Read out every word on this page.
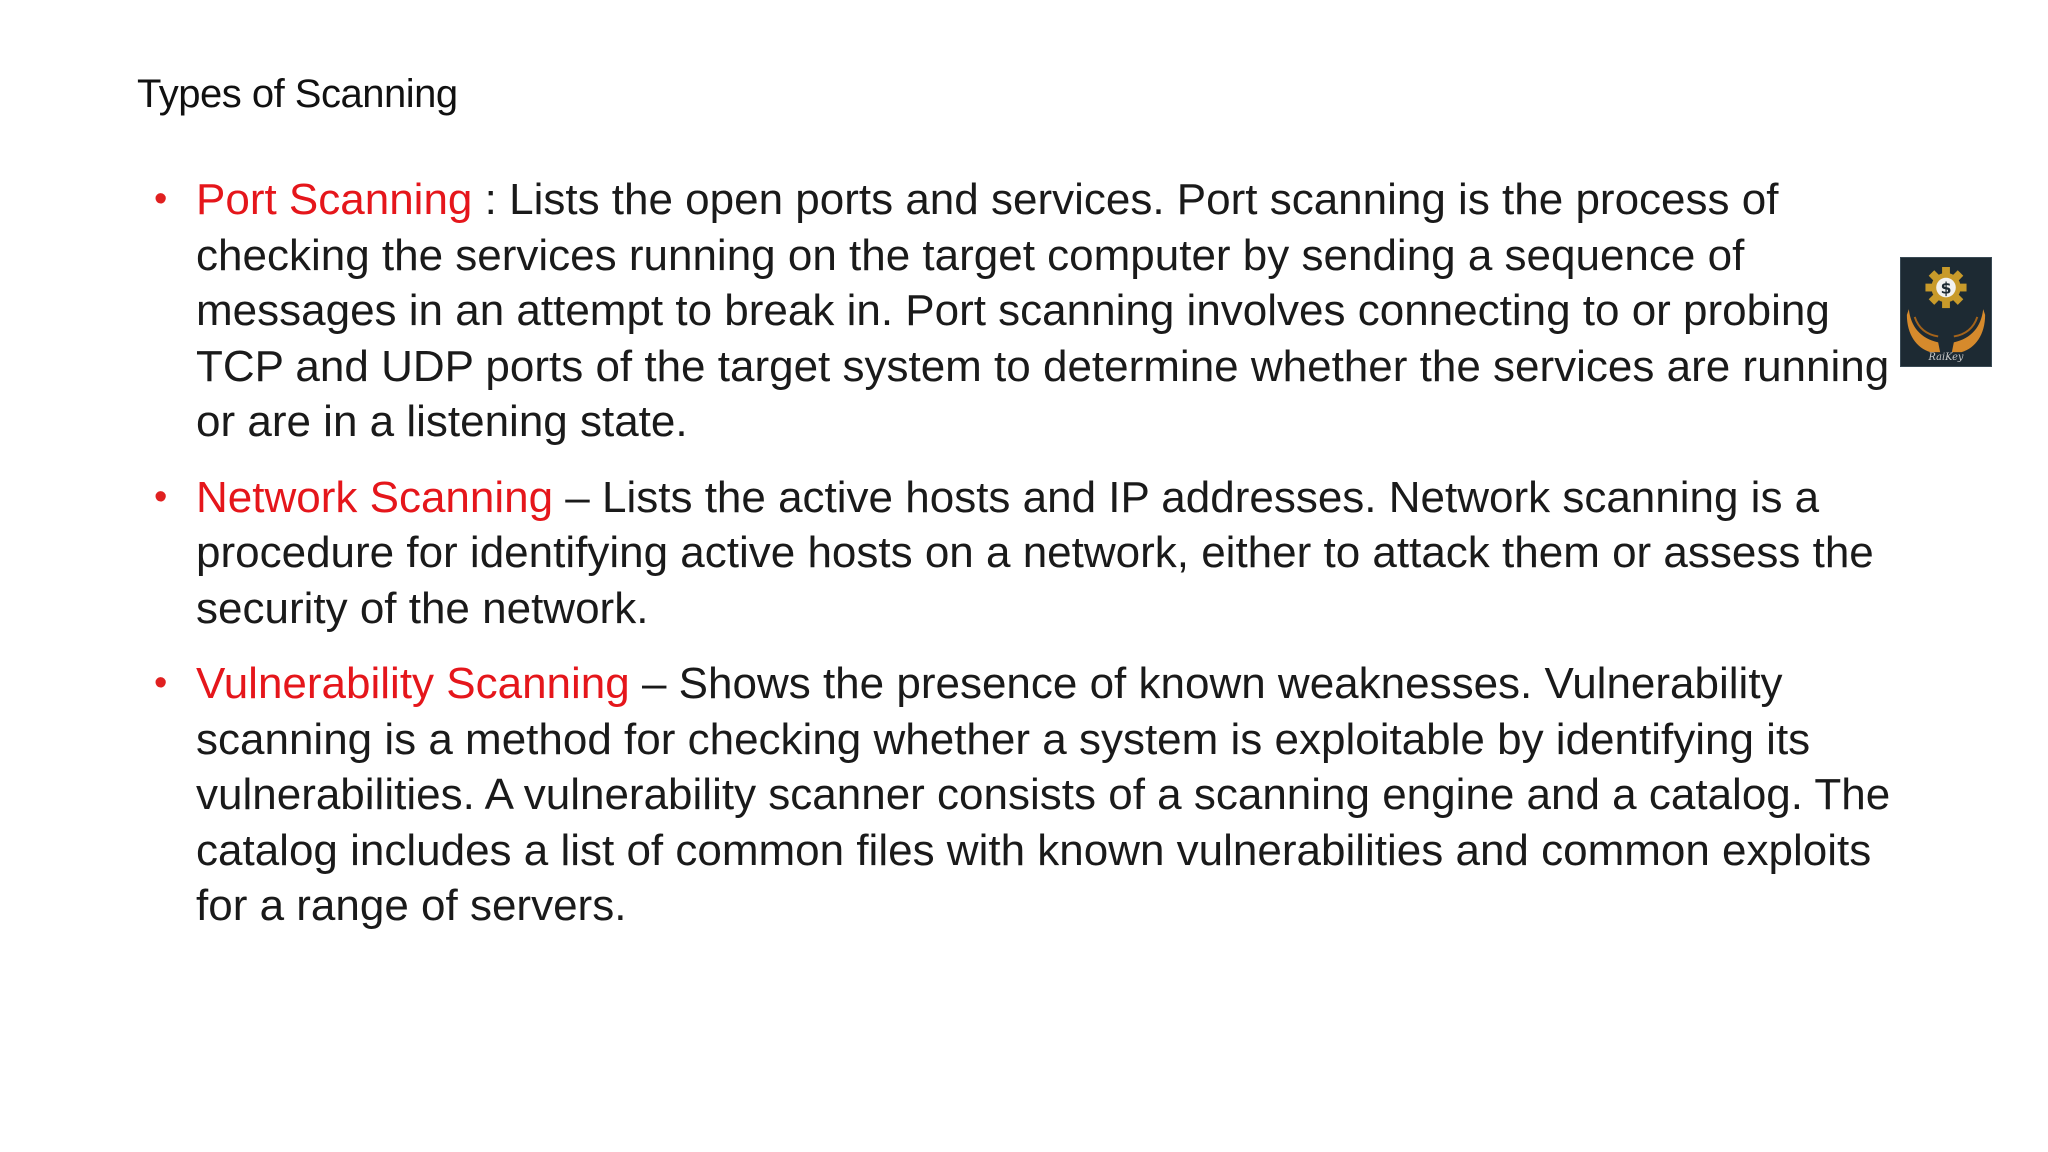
Types of Scanning
• Port Scanning : Lists the open ports and services. Port scanning is the process of checking the services running on the target computer by sending a sequence of messages in an attempt to break in. Port scanning involves connecting to or probing TCP and UDP ports of the target system to determine whether the services are running or are in a listening state.
• Network Scanning – Lists the active hosts and IP addresses. Network scanning is a procedure for identifying active hosts on a network, either to attack them or assess the security of the network.
• Vulnerability Scanning – Shows the presence of known weaknesses. Vulnerability scanning is a method for checking whether a system is exploitable by identifying its vulnerabilities. A vulnerability scanner consists of a scanning engine and a catalog. The catalog includes a list of common files with known vulnerabilities and common exploits for a range of servers.
$
RaiKey
